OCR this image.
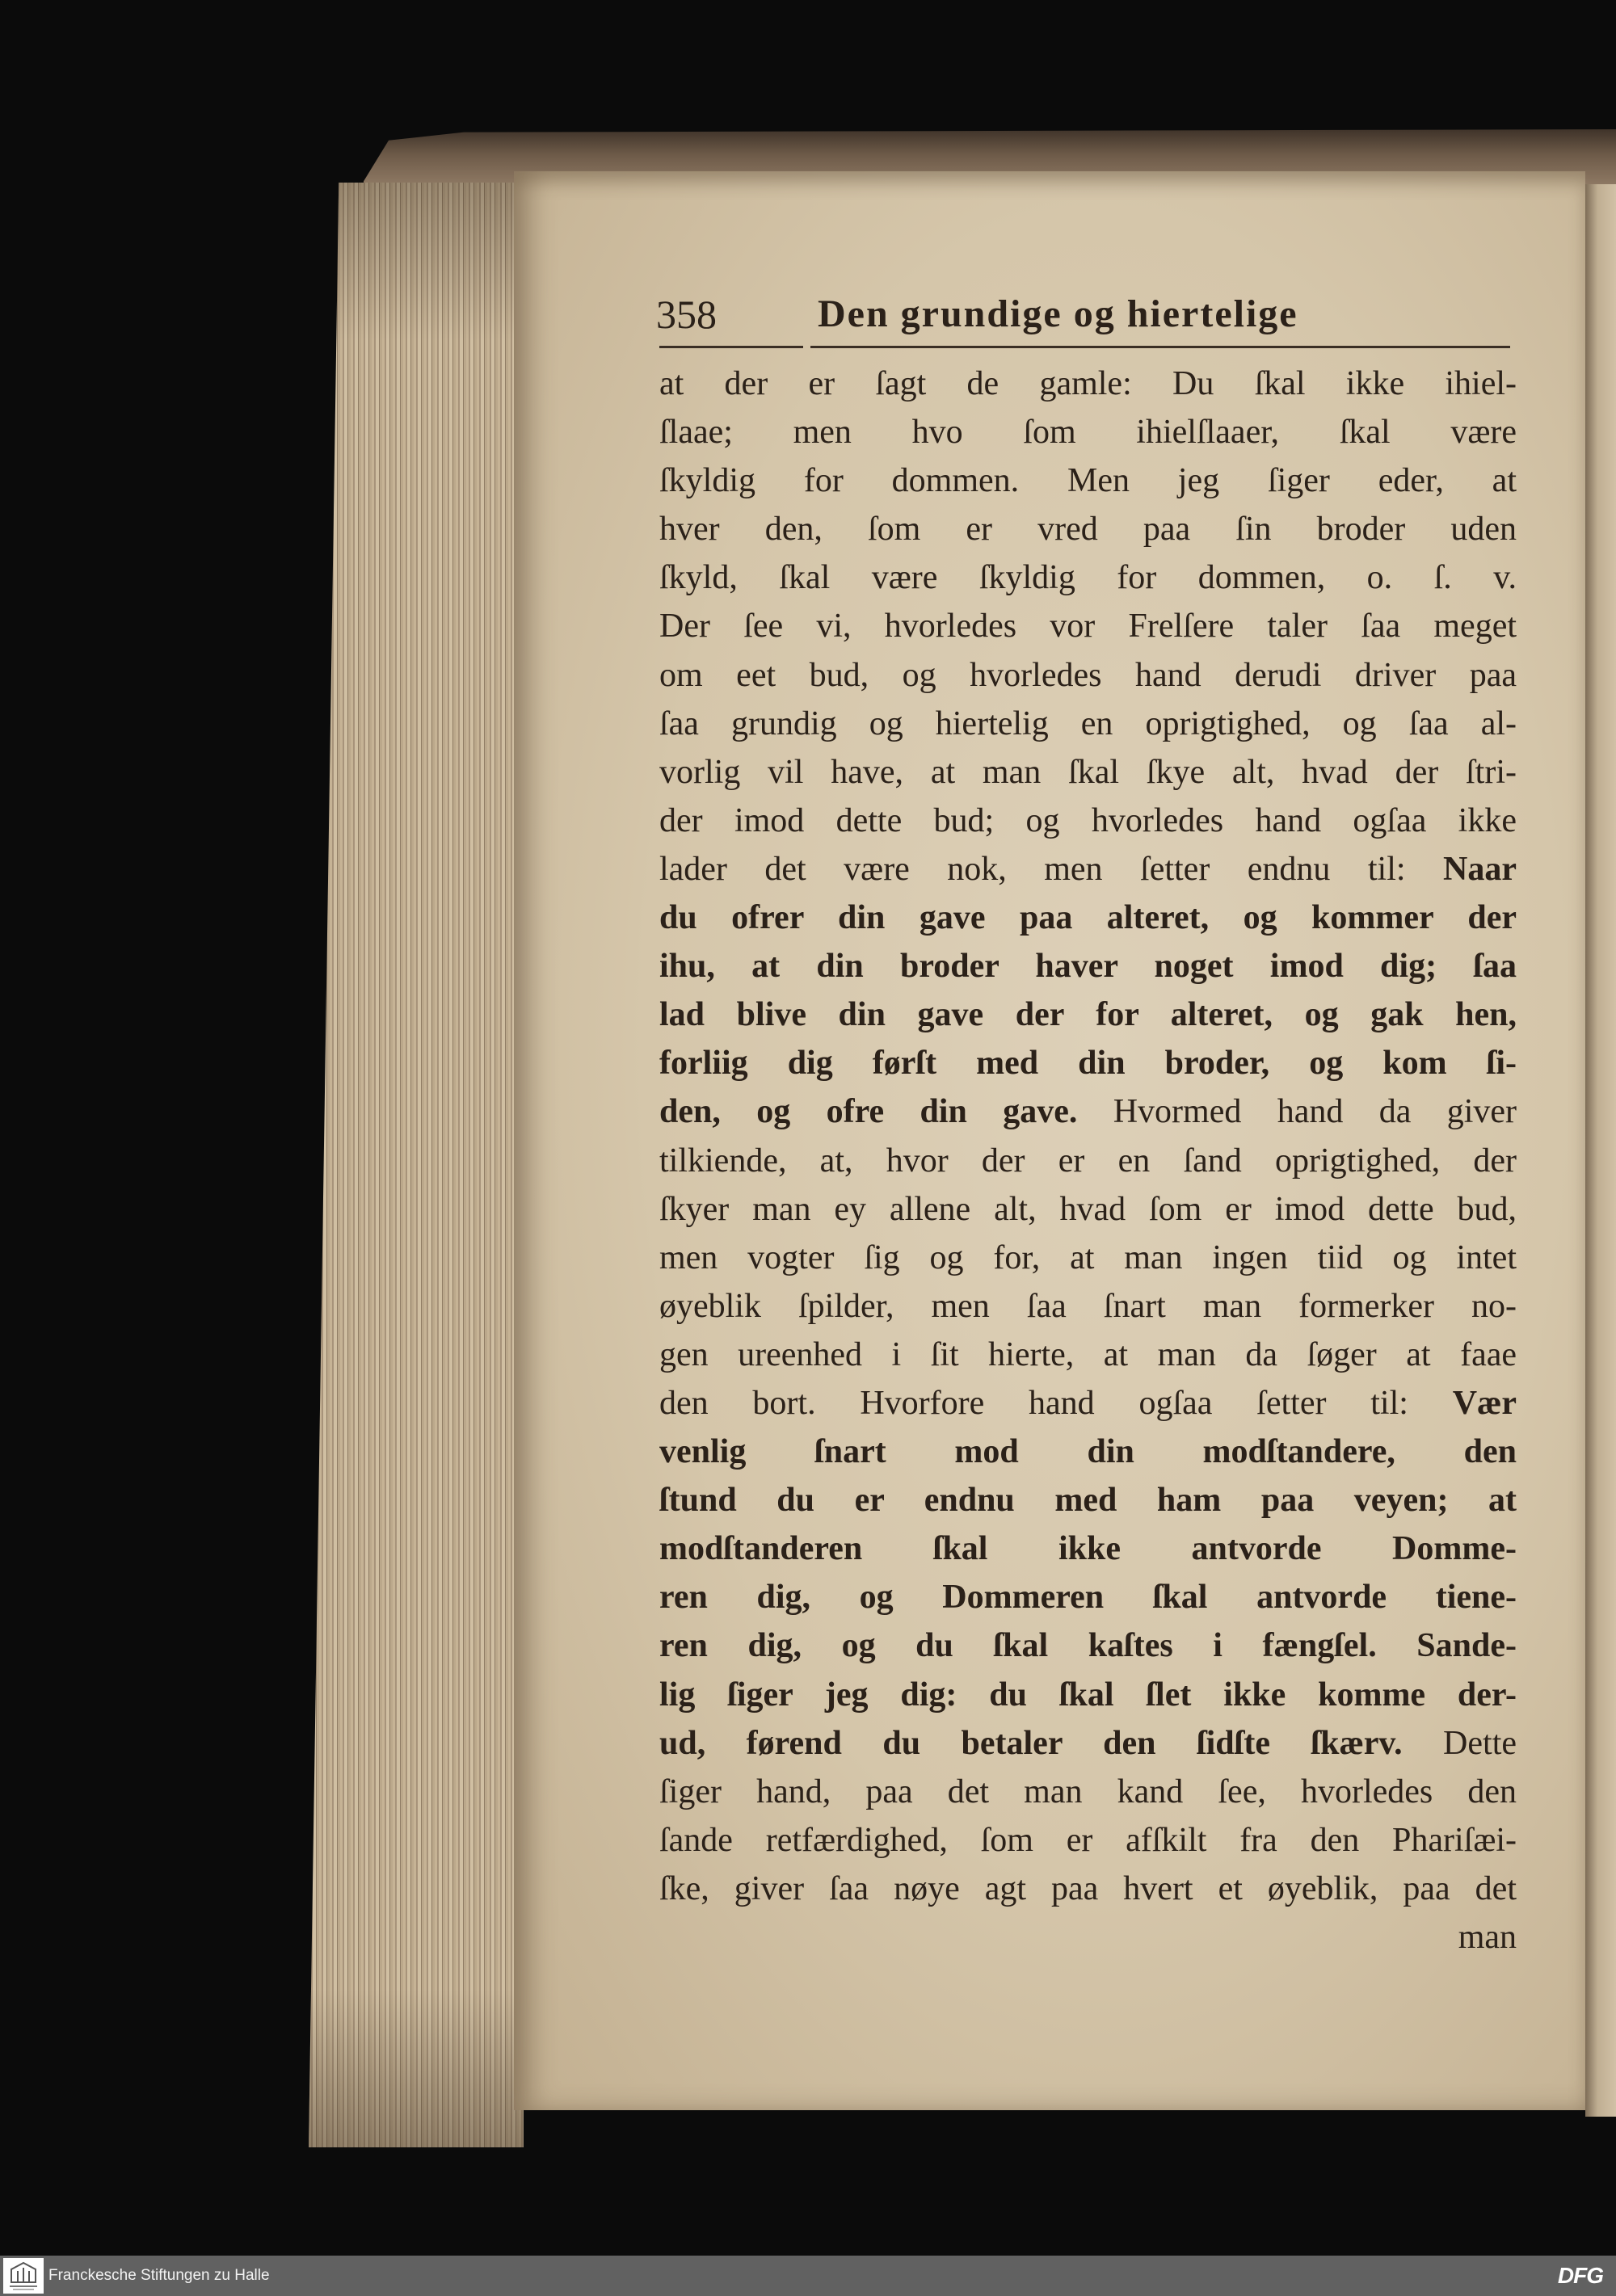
358	Den grundige og hiertelige
at der er ſagt de gamle: Du ſkal ikke ihiel-
ſlaae; men hvo ſom ihielſlaaer, ſkal være
ſkyldig for dommen. Men jeg ſiger eder, at
hver den, ſom er vred paa ſin broder uden
ſkyld, ſkal være ſkyldig for dommen, o. ſ. v.
Der ſee vi, hvorledes vor Frelſere taler ſaa meget
om eet bud, og hvorledes hand derudi driver paa
ſaa grundig og hiertelig en oprigtighed, og ſaa al-
vorlig vil have, at man ſkal ſkye alt, hvad der ſtri-
der imod dette bud; og hvorledes hand ogſaa ikke
lader det være nok, men ſetter endnu til: Naar
du ofrer din gave paa alteret, og kommer der
ihu, at din broder haver noget imod dig; ſaa
lad blive din gave der for alteret, og gak hen,
forliig dig førſt med din broder, og kom ſi-
den, og ofre din gave. Hvormed hand da giver
tilkiende, at, hvor der er en ſand oprigtighed, der
ſkyer man ey allene alt, hvad ſom er imod dette bud,
men vogter ſig og for, at man ingen tiid og intet
øyeblik ſpilder, men ſaa ſnart man formerker no-
gen ureenhed i ſit hierte, at man da ſøger at faae
den bort. Hvorfore hand ogſaa ſetter til: Vær
venlig ſnart mod din modſtandere, den
ſtund du er endnu med ham paa veyen; at
modſtanderen ſkal ikke antvorde Domme-
ren dig, og Dommeren ſkal antvorde tiene-
ren dig, og du ſkal kaſtes i fængſel. Sande-
lig ſiger jeg dig: du ſkal ſlet ikke komme der-
ud, førend du betaler den ſidſte ſkærv. Dette
ſiger hand, paa det man kand ſee, hvorledes den
ſande retfærdighed, ſom er afſkilt fra den Phariſæi-
ſke, giver ſaa nøye agt paa hvert et øyeblik, paa det
man
Franckesche Stiftungen zu Halle	DFG
